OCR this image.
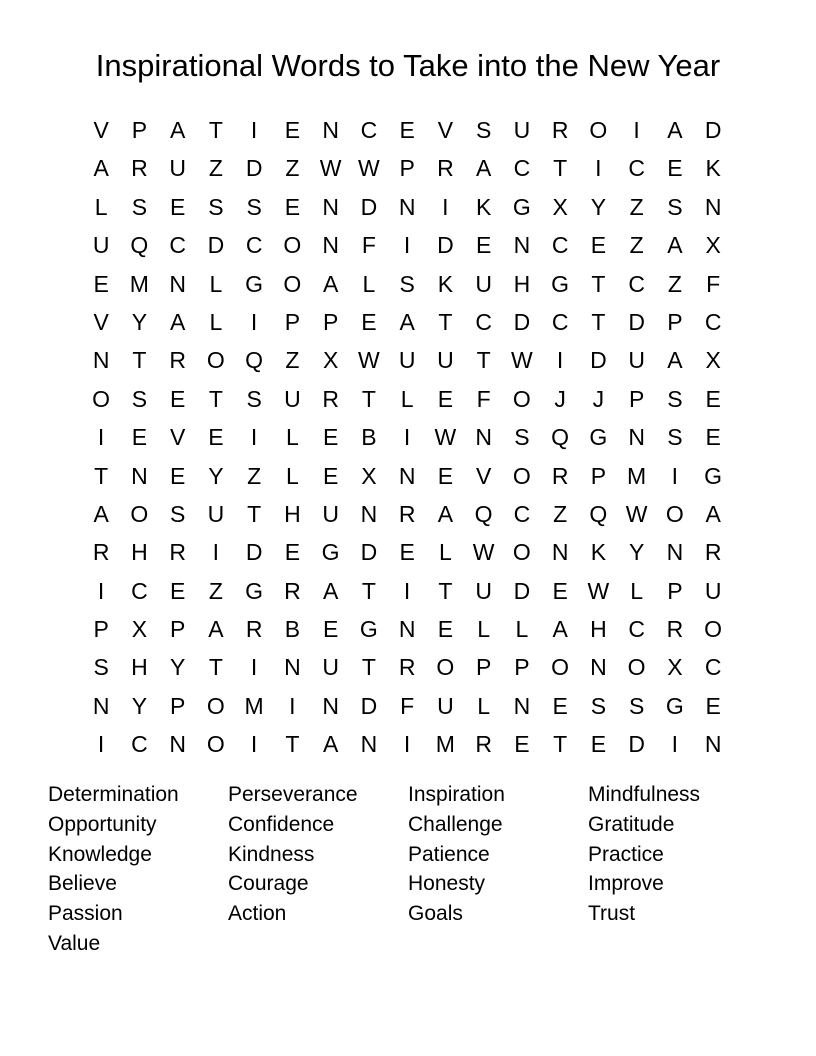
Inspirational Words to Take into the New Year
V P A	T	I	E N C E V S U R O	I	A D
A R U Z D Z W W P R A C T	I	C E K
L	S E S S E N D N	I	K G X Y	Z	S N
U Q C D C O N F	I	D E N C E	Z	A X
E M N	L G O A	L	S K U H G T C Z	F
V Y A	L	I	P P E A	T C D C T D P C
N T R O Q Z	X W U U T W	I	D U A X
O S E	T	S U R T	L	E	F O	J	J	P S E
I	E V E	I	L	E B	I	W N S Q G N S E
T N E Y	Z	L	E X N E V O R P M	I	G
A O S U T H U N R A Q C Z Q W O A
R H R	I	D E G D E	L W O N K Y N R
I	C E	Z G R A	T	I	T U D E W L	P U
P X P A R B E G N E	L	L	A H C R O
S H Y	T	I	N U T R O P P O N O X C
N Y P O M	I	N D F U	L	N E S S G E
I	C N O	I	T	A N	I	M R E	T	E D	I	N
Determination	Perseverance	Inspiration	Mindfulness
Opportunity	Confidence	Challenge	Gratitude
Knowledge	Kindness	Patience	Practice
Believe	Courage	Honesty	Improve
Passion	Action	Goals	Trust
Value
